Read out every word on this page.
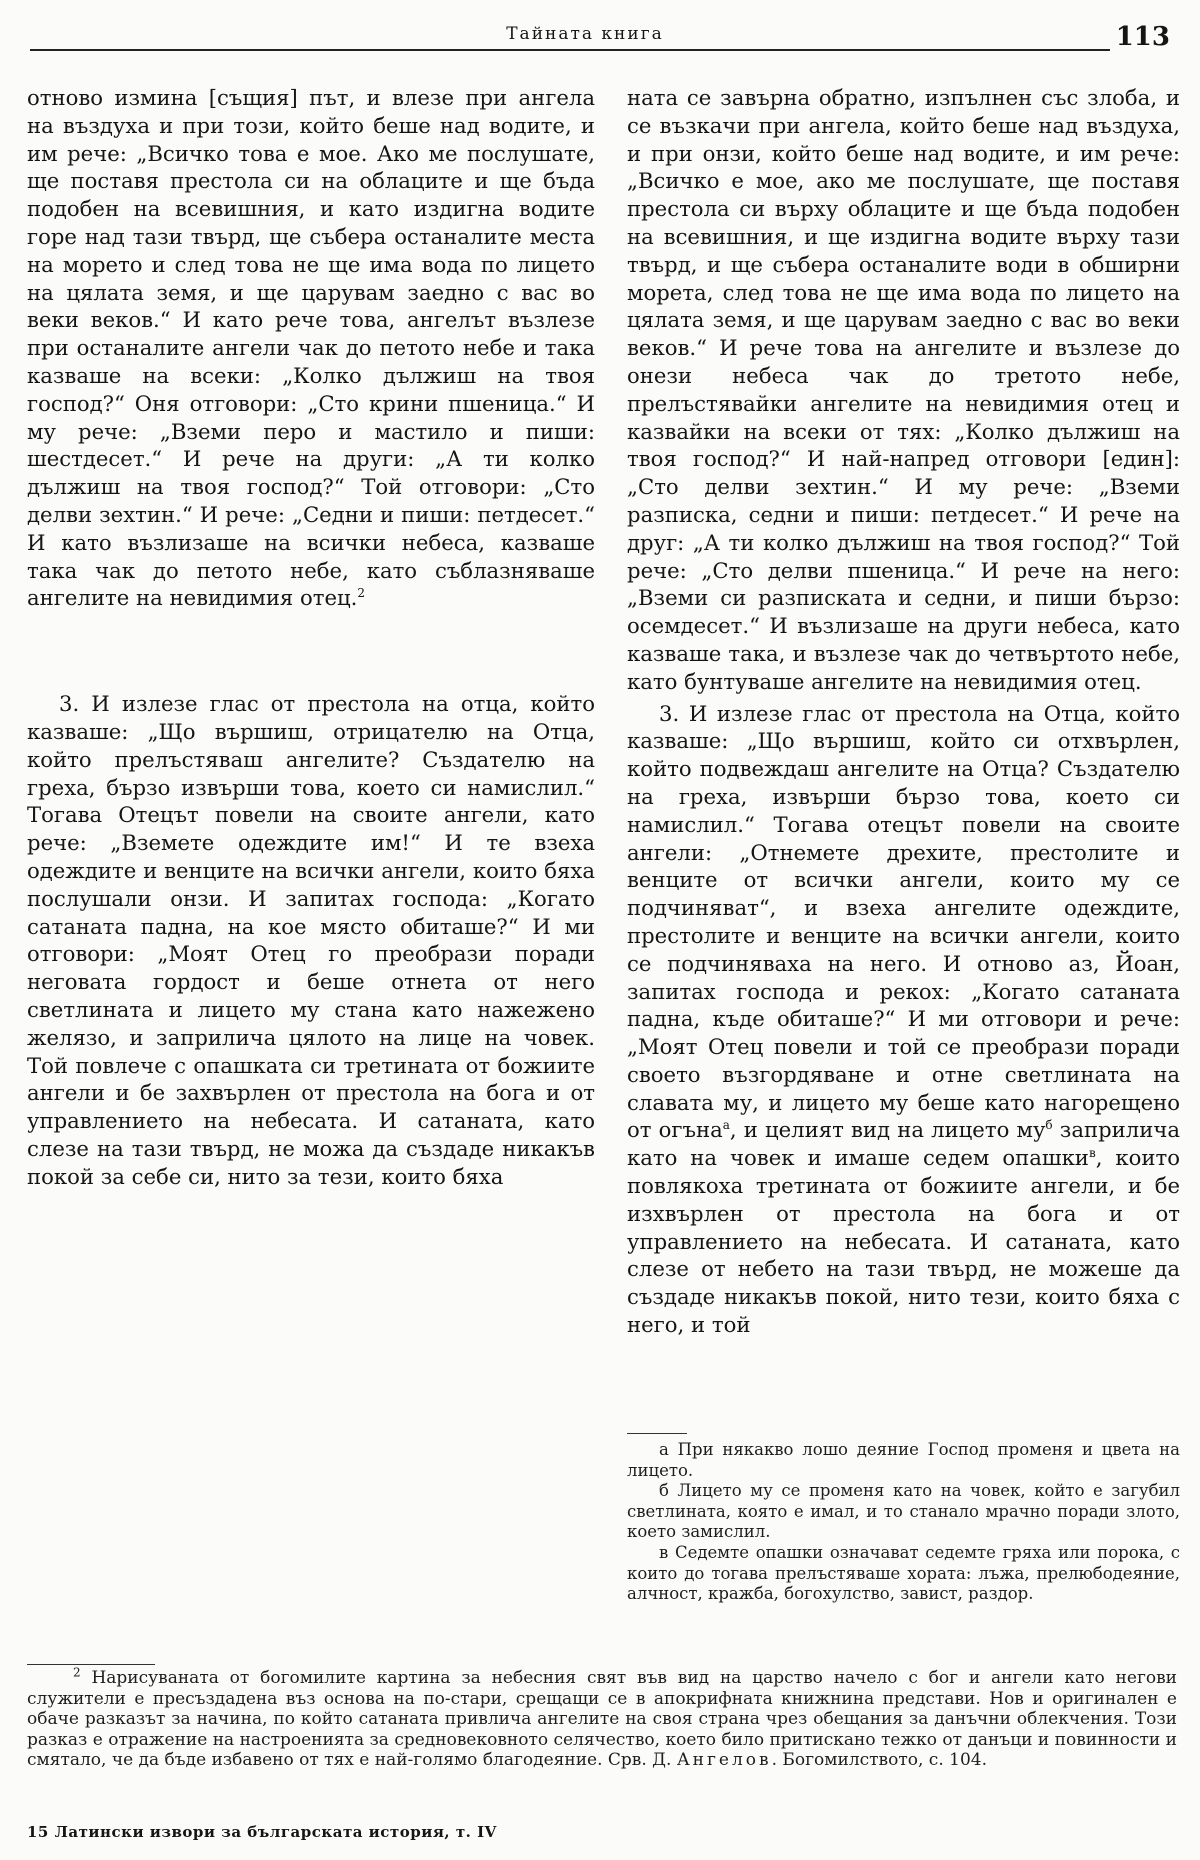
Тайната книга	113

отново измина [същия] път, и влезе при ангела на въздуха и при този, който беше над водите, и им рече: „Всичко това е мое. Ако ме послушате, ще поставя престола си на облаците и ще бъда подобен на всевишния, и като издигна водите горе над тази твърд, ще събера останалите места на морето и след това не ще има вода по лицето на цялата земя, и ще царувам заедно с вас во веки веков.“ И като рече това, ангелът възлезе при останалите ангели чак до петото небе и така казваше на всеки: „Колко дължиш на твоя господ?“ Оня отговори: „Сто крини пшеница.“ И му рече: „Вземи перо и мастило и пиши: шестдесет.“ И рече на други: „А ти колко дължиш на твоя господ?“ Той отговори: „Сто делви зехтин.“ И рече: „Седни и пиши: петдесет.“ И като възлизаше на всички небеса, казваше така чак до петото небе, като съблазняваше ангелите на невидимия отец.$^2$

3. И излезе глас от престола на отца, който казваше: „Що вършиш, отрицателю на Отца, който прелъстяваш ангелите? Създателю на греха, бързо извърши това, което си намислил.“ Тогава Отецът повели на своите ангели, като рече: „Вземете одеждите им!“ И те взеха одеждите и венците на всички ангели, които бяха послушали онзи. И запитах господа: „Когато сатаната падна, на кое място обиташе?“ И ми отговори: „Моят Отец го преобрази поради неговата гордост и беше отнета от него светлината и лицето му стана като нажежено желязо, и заприлича цялото на лице на човек. Той повлече с опашката си третината от божиите ангели и бе захвърлен от престола на бога и от управлението на небесата. И сатаната, като слезе на тази твърд, не можа да създаде никакъв покой за себе си, нито за тези, които бяха

ната се завърна обратно, изпълнен със злоба, и се възкачи при ангела, който беше над въздуха, и при онзи, който беше над водите, и им рече: „Всичко е мое, ако ме послушате, ще поставя престола си върху облаците и ще бъда подобен на всевишния, и ще издигна водите върху тази твърд, и ще събера останалите води в обширни морета, след това не ще има вода по лицето на цялата земя, и ще царувам заедно с вас во веки веков.“ И рече това на ангелите и възлезе до онези небеса чак до третото небе, прелъстявайки ангелите на невидимия отец и казвайки на всеки от тях: „Колко дължиш на твоя господ?“ И най-напред отговори [един]: „Сто делви зехтин.“ И му рече: „Вземи разписка, седни и пиши: петдесет.“ И рече на друг: „А ти колко дължиш на твоя господ?“ Той рече: „Сто делви пшеница.“ И рече на него: „Вземи си разписката и седни, и пиши бързо: осемдесет.“ И възлизаше на други небеса, като казваше така, и възлезе чак до четвъртото небе, като бунтуваше ангелите на невидимия отец.

3. И излезе глас от престола на Отца, който казваше: „Що вършиш, който си отхвърлен, който подвеждаш ангелите на Отца? Създателю на греха, извърши бързо това, което си намислил.“ Тогава отецът повели на своите ангели: „Отнемете дрехите, престолите и венците от всички ангели, които му се подчиняват“, и взеха ангелите одеждите, престолите и венците на всички ангели, които се подчиняваха на него. И отново аз, Йоан, запитах господа и рекох: „Когато сатаната падна, къде обиташе?“ И ми отговори и рече: „Моят Отец повели и той се преобрази поради своето възгордяване и отне светлината на славата му, и лицето му беше като нагорещено от огъна$^а$, и целият вид на лицето $му^б$ заприлича като на човек и имаше седем опашки$^в$, които повлякоха третината от божиите ангели, и бе изхвърлен от престола на бога и от управлението на небесата. И сатаната, като слезе от небето на тази твърд, не можеше да създаде никакъв покой, нито тези, които бяха с него, и той

а При някакво лошо деяние Господ променя и цвета на лицето.

б Лицето му се променя като на човек, който е загубил светлината, която е имал, и то станало мрачно поради злото, което замислил.

в Седемте опашки означават седемте гряха или порока, с които до тогава прелъстяваше хората: лъжа, прелюбодеяние, алчност, кражба, богохулство, завист, раздор.

$^2$ Нарисуваната от богомилите картина за небесния свят във вид на царство начело с бог и ангели като негови служители е пресъздадена въз основа на по-стари, срещащи се в апокрифната книжнина представи. Нов и оригинален е обаче разказът за начина, по който сатаната привлича ангелите на своя страна чрез обещания за данъчни облекчения. Този разказ е отражение на настроенията за средновековното селячество, което било притискано тежко от данъци и повинности и смятало, че да бъде избавено от тях е най-голямо благодеяние. Срв. Д. Ангелов. Богомилството, с. 104.

15 Латински извори за българската история, т. IV
